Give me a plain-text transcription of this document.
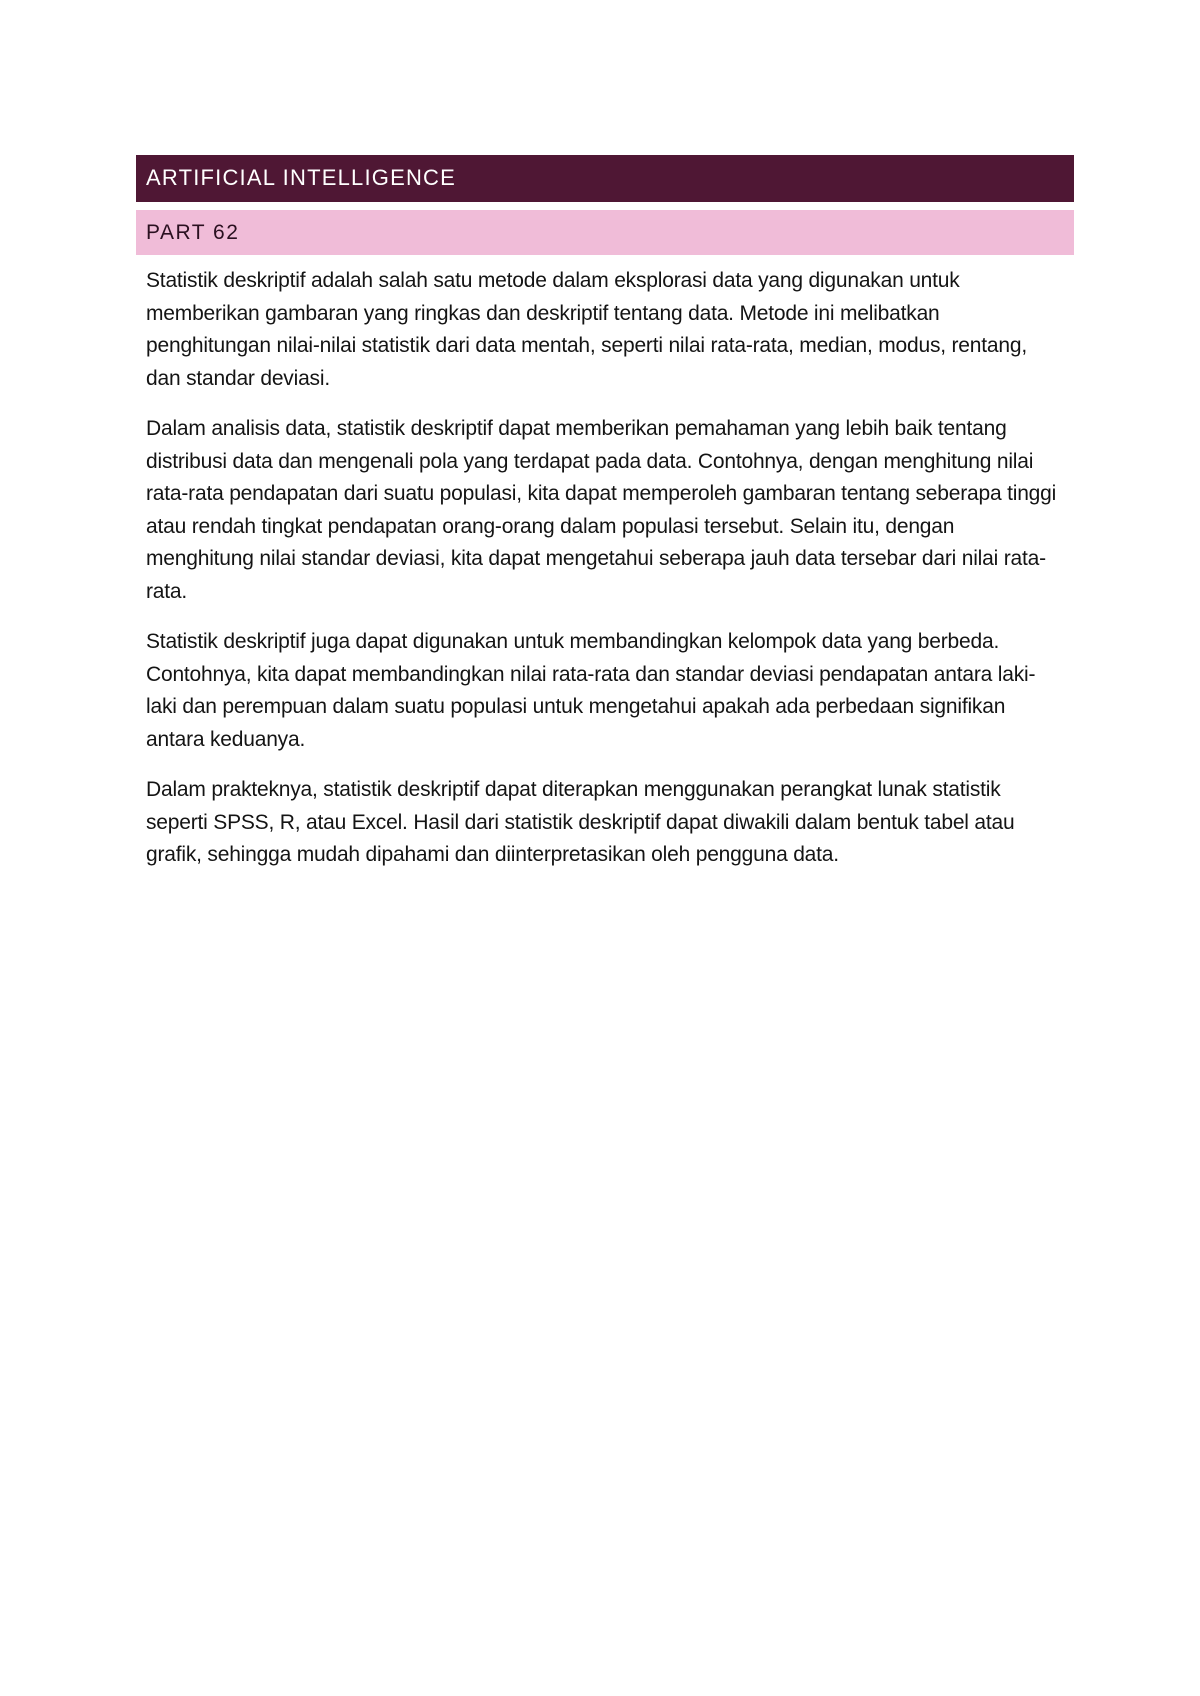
ARTIFICIAL INTELLIGENCE
PART 62

Statistik deskriptif adalah salah satu metode dalam eksplorasi data yang digunakan untuk memberikan gambaran yang ringkas dan deskriptif tentang data. Metode ini melibatkan penghitungan nilai-nilai statistik dari data mentah, seperti nilai rata-rata, median, modus, rentang, dan standar deviasi.

Dalam analisis data, statistik deskriptif dapat memberikan pemahaman yang lebih baik tentang distribusi data dan mengenali pola yang terdapat pada data. Contohnya, dengan menghitung nilai rata-rata pendapatan dari suatu populasi, kita dapat memperoleh gambaran tentang seberapa tinggi atau rendah tingkat pendapatan orang-orang dalam populasi tersebut. Selain itu, dengan menghitung nilai standar deviasi, kita dapat mengetahui seberapa jauh data tersebar dari nilai rata-rata.

Statistik deskriptif juga dapat digunakan untuk membandingkan kelompok data yang berbeda. Contohnya, kita dapat membandingkan nilai rata-rata dan standar deviasi pendapatan antara laki-laki dan perempuan dalam suatu populasi untuk mengetahui apakah ada perbedaan signifikan antara keduanya.

Dalam prakteknya, statistik deskriptif dapat diterapkan menggunakan perangkat lunak statistik seperti SPSS, R, atau Excel. Hasil dari statistik deskriptif dapat diwakili dalam bentuk tabel atau grafik, sehingga mudah dipahami dan diinterpretasikan oleh pengguna data.
